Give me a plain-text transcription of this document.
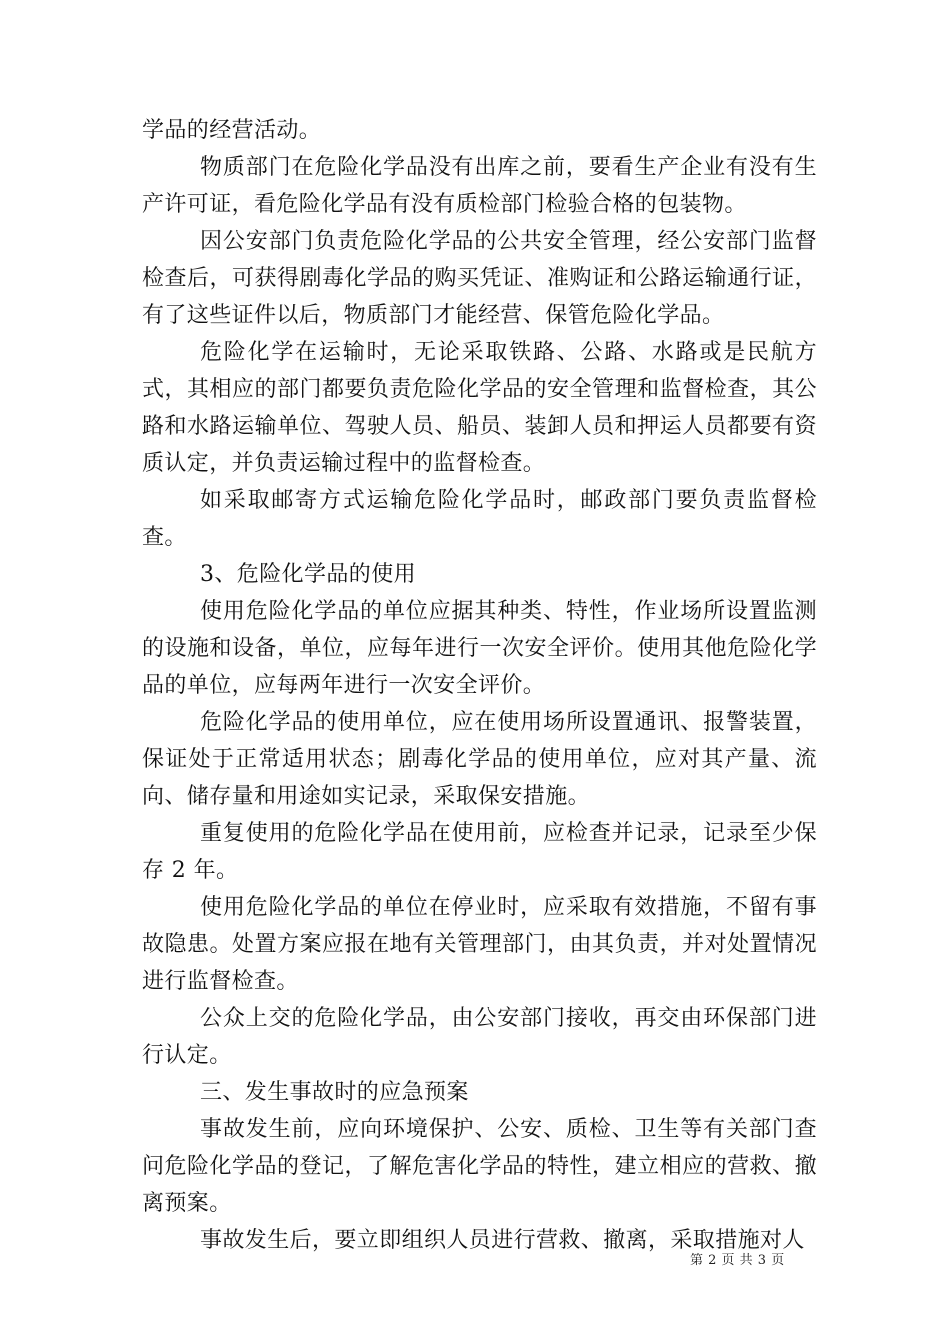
学品的经营活动。

物质部门在危险化学品没有出库之前，要看生产企业有没有生产许可证，看危险化学品有没有质检部门检验合格的包装物。

因公安部门负责危险化学品的公共安全管理，经公安部门监督检查后，可获得剧毒化学品的购买凭证、准购证和公路运输通行证，有了这些证件以后，物质部门才能经营、保管危险化学品。

危险化学在运输时，无论采取铁路、公路、水路或是民航方式，其相应的部门都要负责危险化学品的安全管理和监督检查，其公路和水路运输单位、驾驶人员、船员、装卸人员和押运人员都要有资质认定，并负责运输过程中的监督检查。

如采取邮寄方式运输危险化学品时，邮政部门要负责监督检查。

3、危险化学品的使用

使用危险化学品的单位应据其种类、特性，作业场所设置监测的设施和设备，单位，应每年进行一次安全评价。使用其他危险化学品的单位，应每两年进行一次安全评价。

危险化学品的使用单位，应在使用场所设置通讯、报警装置，保证处于正常适用状态；剧毒化学品的使用单位，应对其产量、流向、储存量和用途如实记录，采取保安措施。

重复使用的危险化学品在使用前，应检查并记录，记录至少保存 2 年。

使用危险化学品的单位在停业时，应采取有效措施，不留有事故隐患。处置方案应报在地有关管理部门，由其负责，并对处置情况进行监督检查。

公众上交的危险化学品，由公安部门接收，再交由环保部门进行认定。

三、发生事故时的应急预案

事故发生前，应向环境保护、公安、质检、卫生等有关部门查问危险化学品的登记，了解危害化学品的特性，建立相应的营救、撤离预案。

事故发生后，要立即组织人员进行营救、撤离，采取措施对人

第 2 页 共 3 页
